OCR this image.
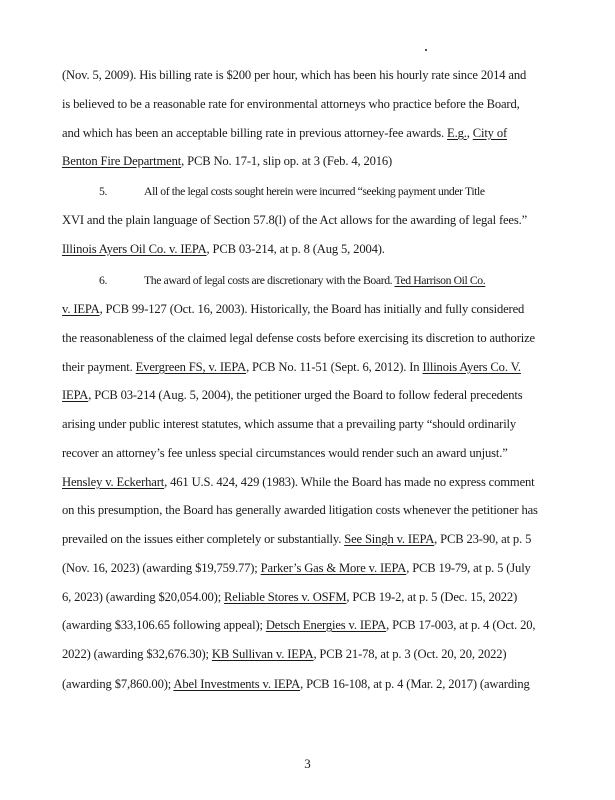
(Nov. 5, 2009). His billing rate is $200 per hour, which has been his hourly rate since 2014 and
is believed to be a reasonable rate for environmental attorneys who practice before the Board,
and which has been an acceptable billing rate in previous attorney-fee awards. E.g., City of
Benton Fire Department, PCB No. 17-1, slip op. at 3 (Feb. 4, 2016)
5.	All of the legal costs sought herein were incurred “seeking payment under Title
XVI and the plain language of Section 57.8(l) of the Act allows for the awarding of legal fees.”
Illinois Ayers Oil Co. v. IEPA, PCB 03-214, at p. 8 (Aug 5, 2004).
6.	The award of legal costs are discretionary with the Board. Ted Harrison Oil Co.
v. IEPA, PCB 99-127 (Oct. 16, 2003). Historically, the Board has initially and fully considered
the reasonableness of the claimed legal defense costs before exercising its discretion to authorize
their payment. Evergreen FS, v. IEPA, PCB No. 11-51 (Sept. 6, 2012). In Illinois Ayers Co. V.
IEPA, PCB 03-214 (Aug. 5, 2004), the petitioner urged the Board to follow federal precedents
arising under public interest statutes, which assume that a prevailing party “should ordinarily
recover an attorney’s fee unless special circumstances would render such an award unjust.”
Hensley v. Eckerhart, 461 U.S. 424, 429 (1983). While the Board has made no express comment
on this presumption, the Board has generally awarded litigation costs whenever the petitioner has
prevailed on the issues either completely or substantially. See Singh v. IEPA, PCB 23-90, at p. 5
(Nov. 16, 2023) (awarding $19,759.77); Parker’s Gas & More v. IEPA, PCB 19-79, at p. 5 (July
6, 2023) (awarding $20,054.00); Reliable Stores v. OSFM, PCB 19-2, at p. 5 (Dec. 15, 2022)
(awarding $33,106.65 following appeal); Detsch Energies v. IEPA, PCB 17-003, at p. 4 (Oct. 20,
2022) (awarding $32,676.30); KB Sullivan v. IEPA, PCB 21-78, at p. 3 (Oct. 20, 20, 2022)
(awarding $7,860.00); Abel Investments v. IEPA, PCB 16-108, at p. 4 (Mar. 2, 2017) (awarding
3
